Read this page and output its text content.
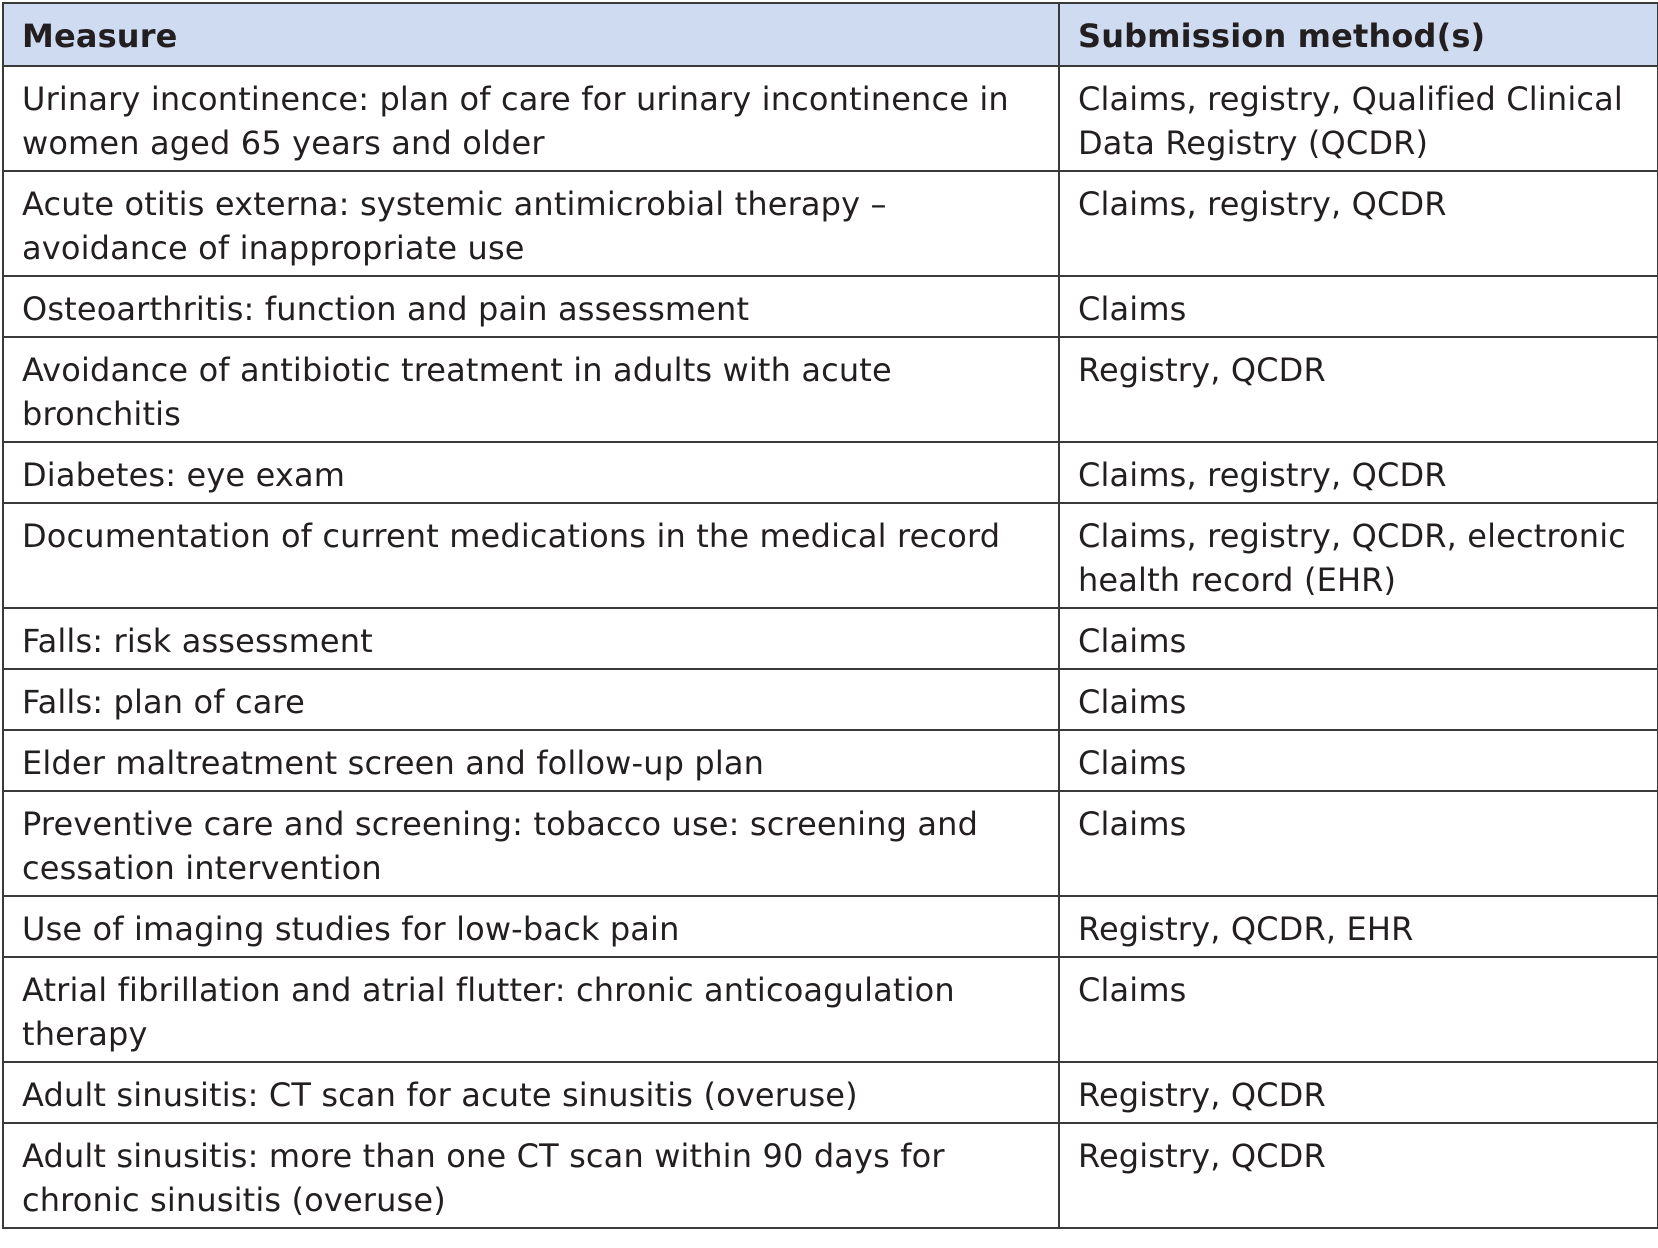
Measure	Submission method(s)
Urinary incontinence: plan of care for urinary incontinence in women aged 65 years and older	Claims, registry, Qualified Clinical Data Registry (QCDR)
Acute otitis externa: systemic antimicrobial therapy – avoidance of inappropriate use	Claims, registry, QCDR
Osteoarthritis: function and pain assessment	Claims
Avoidance of antibiotic treatment in adults with acute bronchitis	Registry, QCDR
Diabetes: eye exam	Claims, registry, QCDR
Documentation of current medications in the medical record	Claims, registry, QCDR, electronic health record (EHR)
Falls: risk assessment	Claims
Falls: plan of care	Claims
Elder maltreatment screen and follow-up plan	Claims
Preventive care and screening: tobacco use: screening and cessation intervention	Claims
Use of imaging studies for low-back pain	Registry, QCDR, EHR
Atrial fibrillation and atrial flutter: chronic anticoagulation therapy	Claims
Adult sinusitis: CT scan for acute sinusitis (overuse)	Registry, QCDR
Adult sinusitis: more than one CT scan within 90 days for chronic sinusitis (overuse)	Registry, QCDR
